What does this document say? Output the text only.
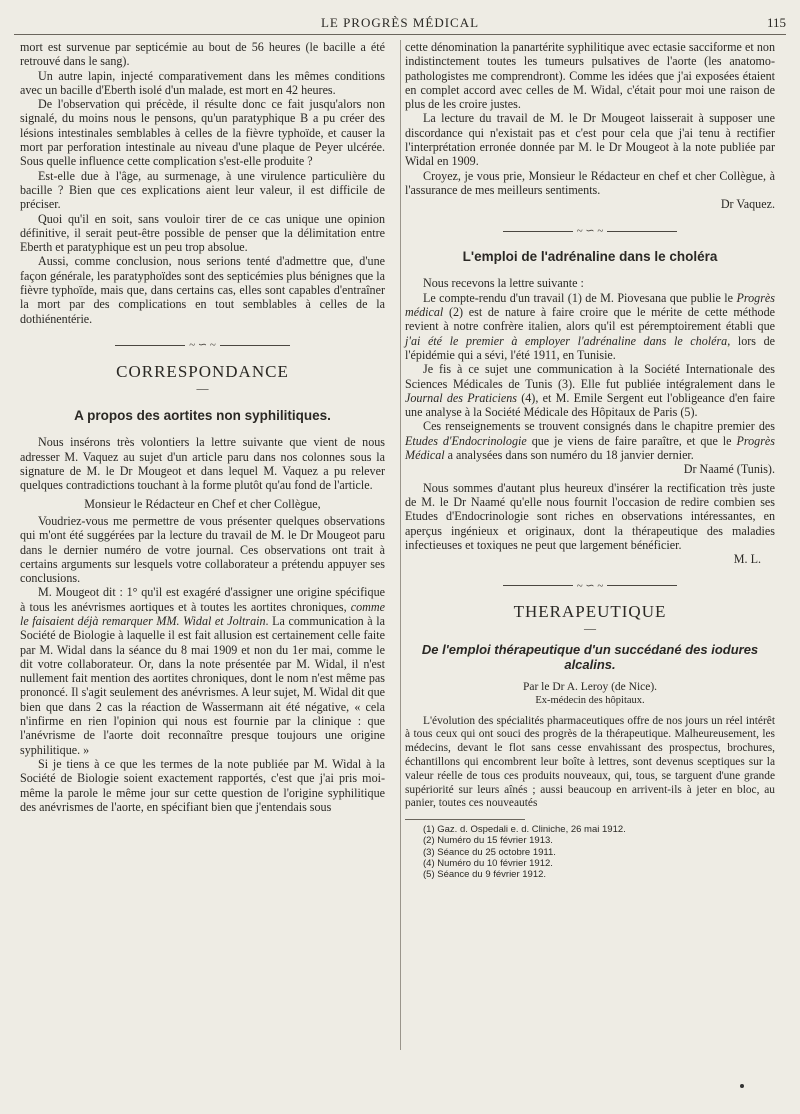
LE PROGRÈS MÉDICAL	115

mort est survenue par septicémie au bout de 56 heures (le bacille a été retrouvé dans le sang).

Un autre lapin, injecté comparativement dans les mêmes conditions avec un bacille d'Eberth isolé d'un malade, est mort en 42 heures.

De l'observation qui précède, il résulte donc ce fait jusqu'alors non signalé, du moins nous le pensons, qu'un paratyphique B a pu créer des lésions intestinales semblables à celles de la fièvre typhoïde, et causer la mort par perforation intestinale au niveau d'une plaque de Peyer ulcérée. Sous quelle influence cette complication s'est-elle produite ?

Est-elle due à l'âge, au surmenage, à une virulence particulière du bacille ? Bien que ces explications aient leur valeur, il est difficile de préciser.

Quoi qu'il en soit, sans vouloir tirer de ce cas unique une opinion définitive, il serait peut-être possible de penser que la délimitation entre Eberth et paratyphique est un peu trop absolue.

Aussi, comme conclusion, nous serions tenté d'admettre que, d'une façon générale, les paratyphoïdes sont des septicémies plus bénignes que la fièvre typhoïde, mais que, dans certains cas, elles sont capables d'entraîner la mort par des complications en tout semblables à celles de la dothiénentérie.

~ ∽ ~
CORRESPONDANCE
—
A propos des aortites non syphilitiques.

Nous insérons très volontiers la lettre suivante que vient de nous adresser M. Vaquez au sujet d'un article paru dans nos colonnes sous la signature de M. le Dr Mougeot et dans lequel M. Vaquez a pu relever quelques contradictions touchant à la forme plutôt qu'au fond de l'article.

Monsieur le Rédacteur en Chef et cher Collègue,

Voudriez-vous me permettre de vous présenter quelques observations qui m'ont été suggérées par la lecture du travail de M. le Dr Mougeot paru dans le dernier numéro de votre journal. Ces observations ont trait à certains arguments sur lesquels votre collaborateur a prétendu appuyer ses conclusions.

M. Mougeot dit : 1° qu'il est exagéré d'assigner une origine spécifique à tous les anévrismes aortiques et à toutes les aortites chroniques, comme le faisaient déjà remarquer MM. Widal et Joltrain. La communication à la Société de Biologie à laquelle il est fait allusion est certainement celle faite par M. Widal dans la séance du 8 mai 1909 et non du 1er mai, comme le dit votre collaborateur. Or, dans la note présentée par M. Widal, il n'est nullement fait mention des aortites chroniques, dont le nom n'est même pas prononcé. Il s'agit seulement des anévrismes. A leur sujet, M. Widal dit que bien que dans 2 cas la réaction de Wassermann ait été négative, « cela n'infirme en rien l'opinion qui nous est fournie par la clinique : que l'anévrisme de l'aorte doit reconnaître presque toujours une origine syphilitique. »

Si je tiens à ce que les termes de la note publiée par M. Widal à la Société de Biologie soient exactement rapportés, c'est que j'ai pris moi-même la parole le même jour sur cette question de l'origine syphilitique des anévrismes de l'aorte, en spécifiant bien que j'entendais sous

cette dénomination la panartérite syphilitique avec ectasie sacciforme et non indistinctement toutes les tumeurs pulsatives de l'aorte (les anatomo-pathologistes me comprendront). Comme les idées que j'ai exposées étaient en complet accord avec celles de M. Widal, c'était pour moi une raison de plus de les croire justes.

La lecture du travail de M. le Dr Mougeot laisserait à supposer une discordance qui n'existait pas et c'est pour cela que j'ai tenu à rectifier l'interprétation erronée donnée par M. le Dr Mougeot à la note publiée par Widal en 1909.

Croyez, je vous prie, Monsieur le Rédacteur en chef et cher Collègue, à l'assurance de mes meilleurs sentiments.

Dr Vaquez.

~ ∽ ~
L'emploi de l'adrénaline dans le choléra

Nous recevons la lettre suivante :

Le compte-rendu d'un travail (1) de M. Piovesana que publie le Progrès médical (2) est de nature à faire croire que le mérite de cette méthode revient à notre confrère italien, alors qu'il est péremptoirement établi que j'ai été le premier à employer l'adrénaline dans le choléra, lors de l'épidémie qui a sévi, l'été 1911, en Tunisie.

Je fis à ce sujet une communication à la Société Internationale des Sciences Médicales de Tunis (3). Elle fut publiée intégralement dans le Journal des Praticiens (4), et M. Emile Sergent eut l'obligeance d'en faire une analyse à la Société Médicale des Hôpitaux de Paris (5).

Ces renseignements se trouvent consignés dans le chapitre premier des Etudes d'Endocrinologie que je viens de faire paraître, et que le Progrès Médical a analysées dans son numéro du 18 janvier dernier.

Dr Naamé (Tunis).

Nous sommes d'autant plus heureux d'insérer la rectification très juste de M. le Dr Naamé qu'elle nous fournit l'occasion de redire combien ses Etudes d'Endocrinologie sont riches en observations intéressantes, en aperçus ingénieux et originaux, dont la thérapeutique des maladies infectieuses et toxiques ne peut que largement bénéficier.

M. L.

~ ∽ ~
THERAPEUTIQUE
—
De l'emploi thérapeutique d'un succédané des iodures alcalins.
Par le Dr A. Leroy (de Nice).
Ex-médecin des hôpitaux.

L'évolution des spécialités pharmaceutiques offre de nos jours un réel intérêt à tous ceux qui ont souci des progrès de la thérapeutique. Malheureusement, les médecins, devant le flot sans cesse envahissant des prospectus, brochures, échantillons qui encombrent leur boîte à lettres, sont devenus sceptiques sur la valeur réelle de tous ces produits nouveaux, qui, tous, se targuent d'une grande supériorité sur leurs aînés ; aussi beaucoup en arrivent-ils à jeter en bloc, au panier, toutes ces nouveautés

(1) Gaz. d. Ospedali e. d. Cliniche, 26 mai 1912.

(2) Numéro du 15 février 1913.

(3) Séance du 25 octobre 1911.

(4) Numéro du 10 février 1912.

(5) Séance du 9 février 1912.
